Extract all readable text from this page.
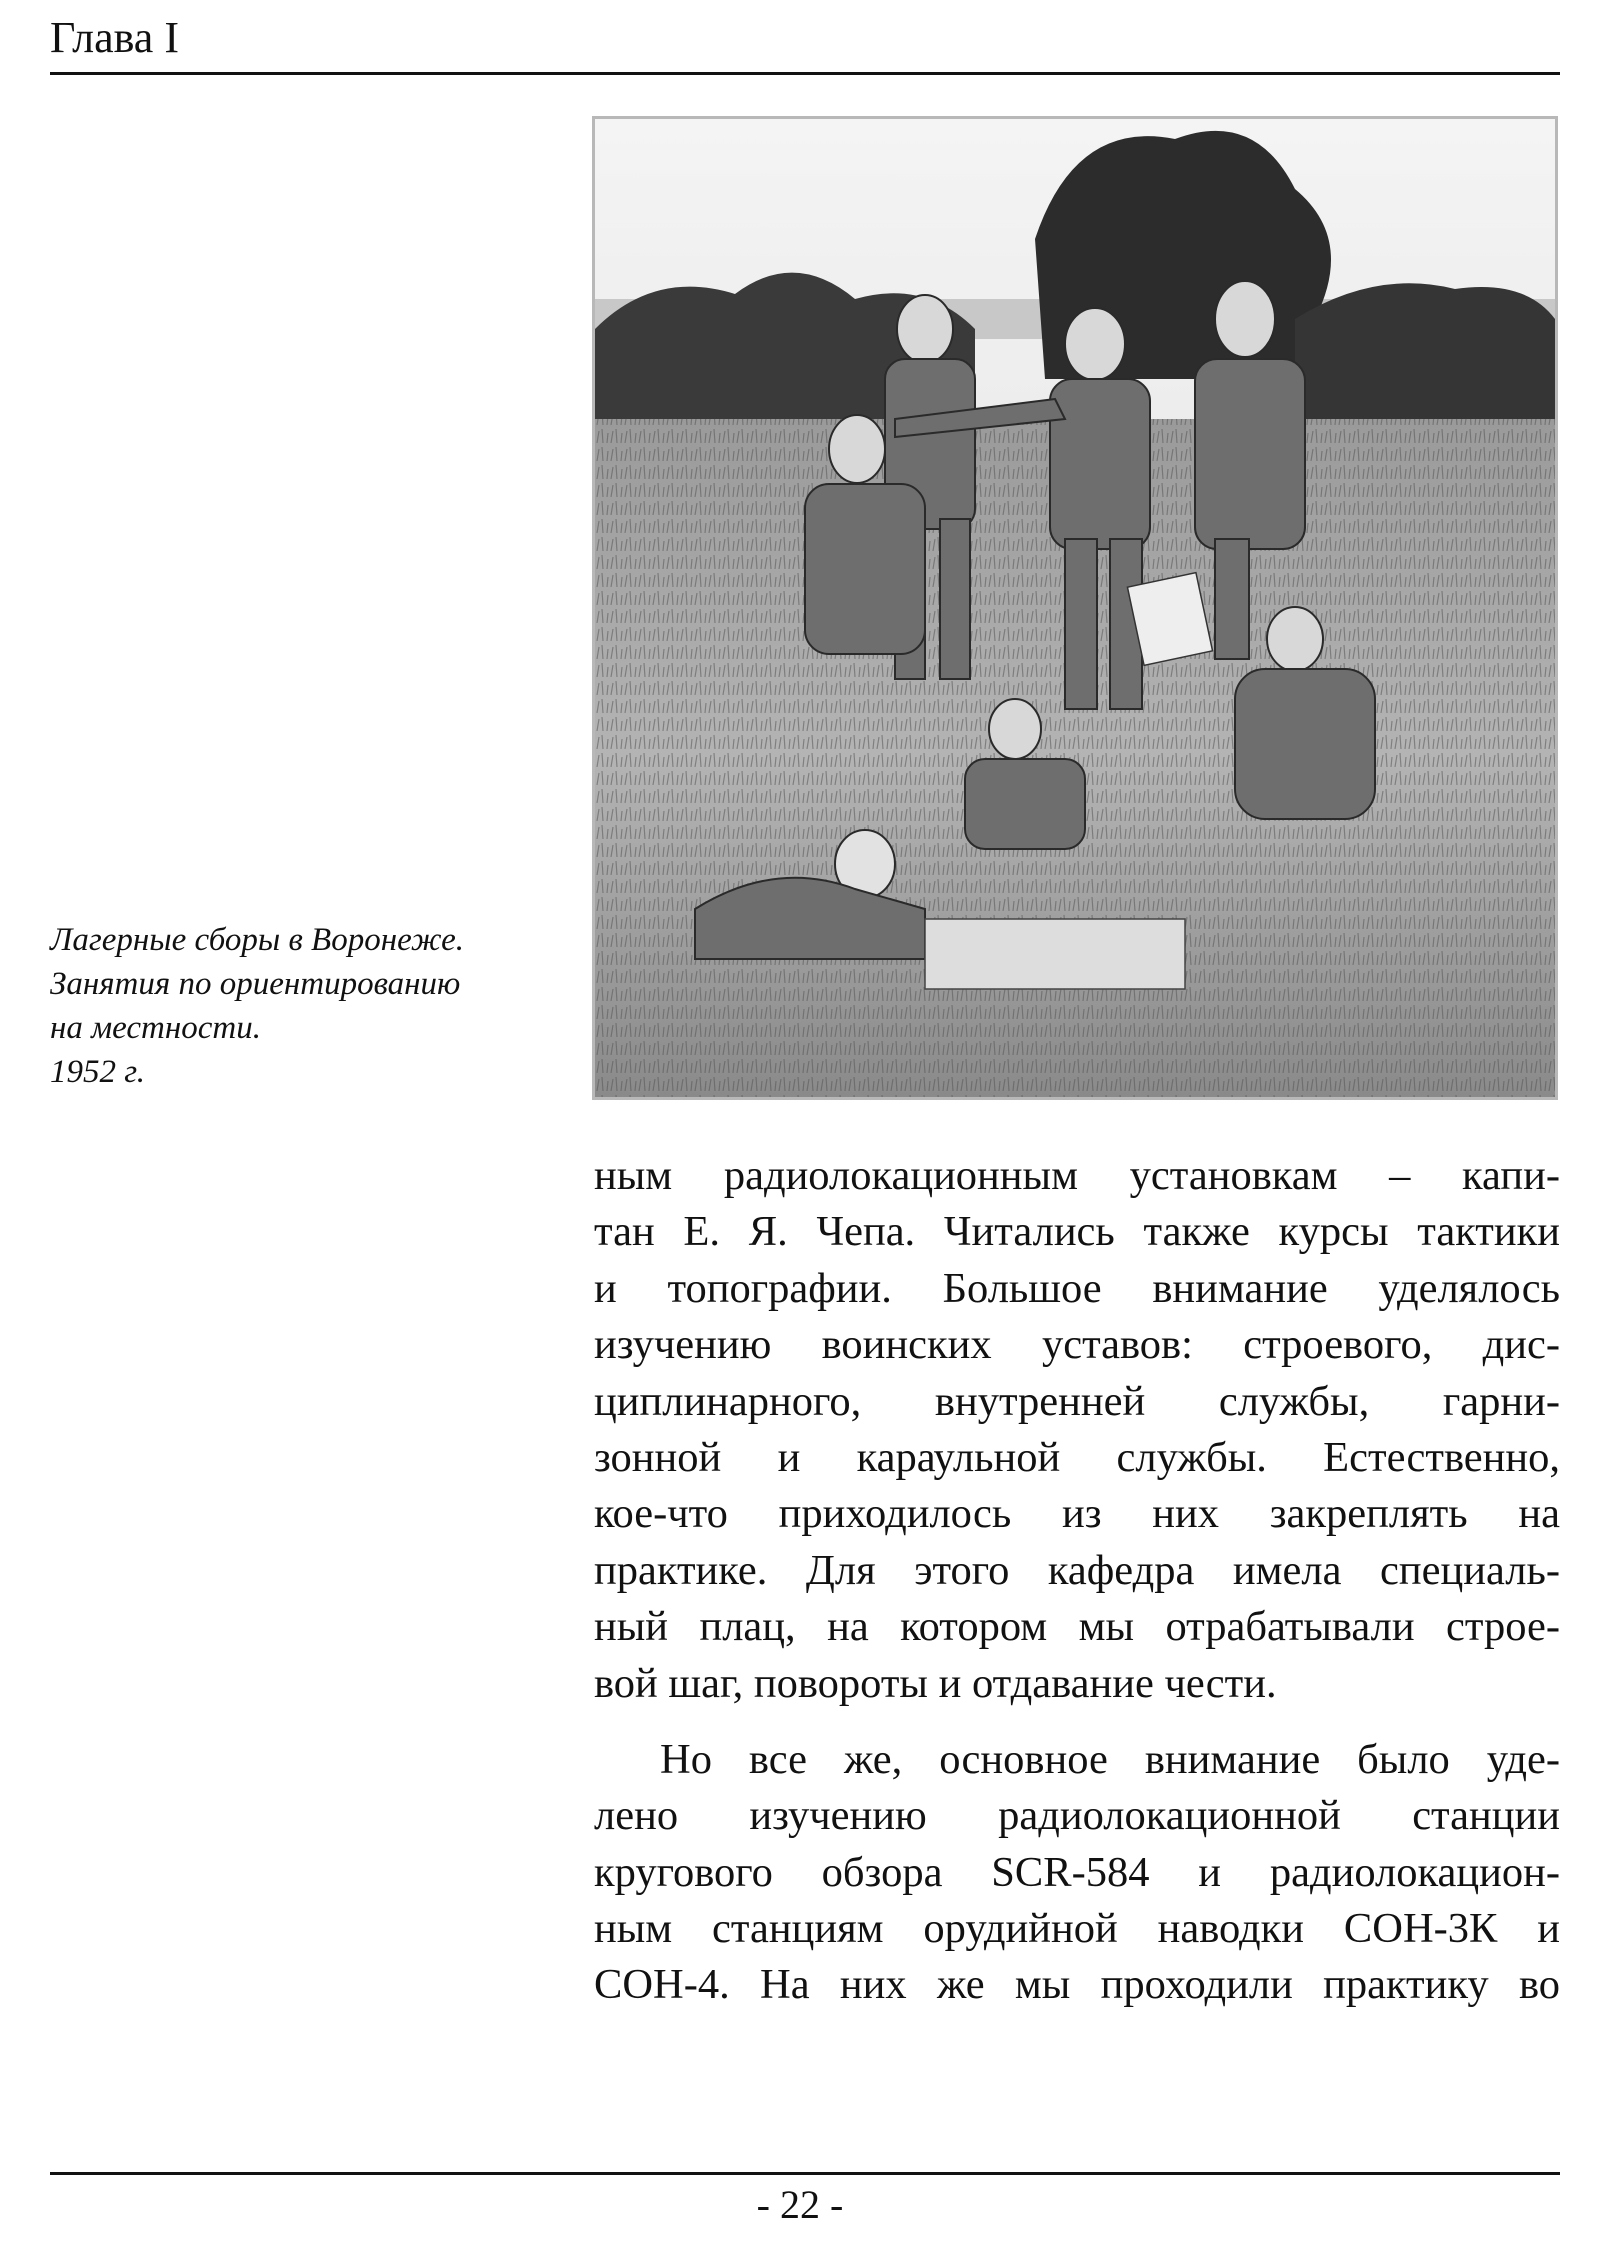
Глава I
Лагерные сборы в Воронеже.
Занятия по ориентированию
на местности.
1952 г.
ным радиолокационным установкам – капи-
тан Е. Я. Чепа. Читались также курсы тактики
и топографии. Большое внимание уделялось
изучению воинских уставов: строевого, дис-
циплинарного, внутренней службы, гарни-
зонной и караульной службы. Естественно,
кое-что приходилось из них закреплять на
практике. Для этого кафедра имела специаль-
ный плац, на котором мы отрабатывали строе-
вой шаг, повороты и отдавание чести.
Но все же, основное внимание было уде-
лено изучению радиолокационной станции
кругового обзора SCR-584 и радиолокацион-
ным станциям орудийной наводки СОН-3К и
СОН-4. На них же мы проходили практику во
- 22 -
